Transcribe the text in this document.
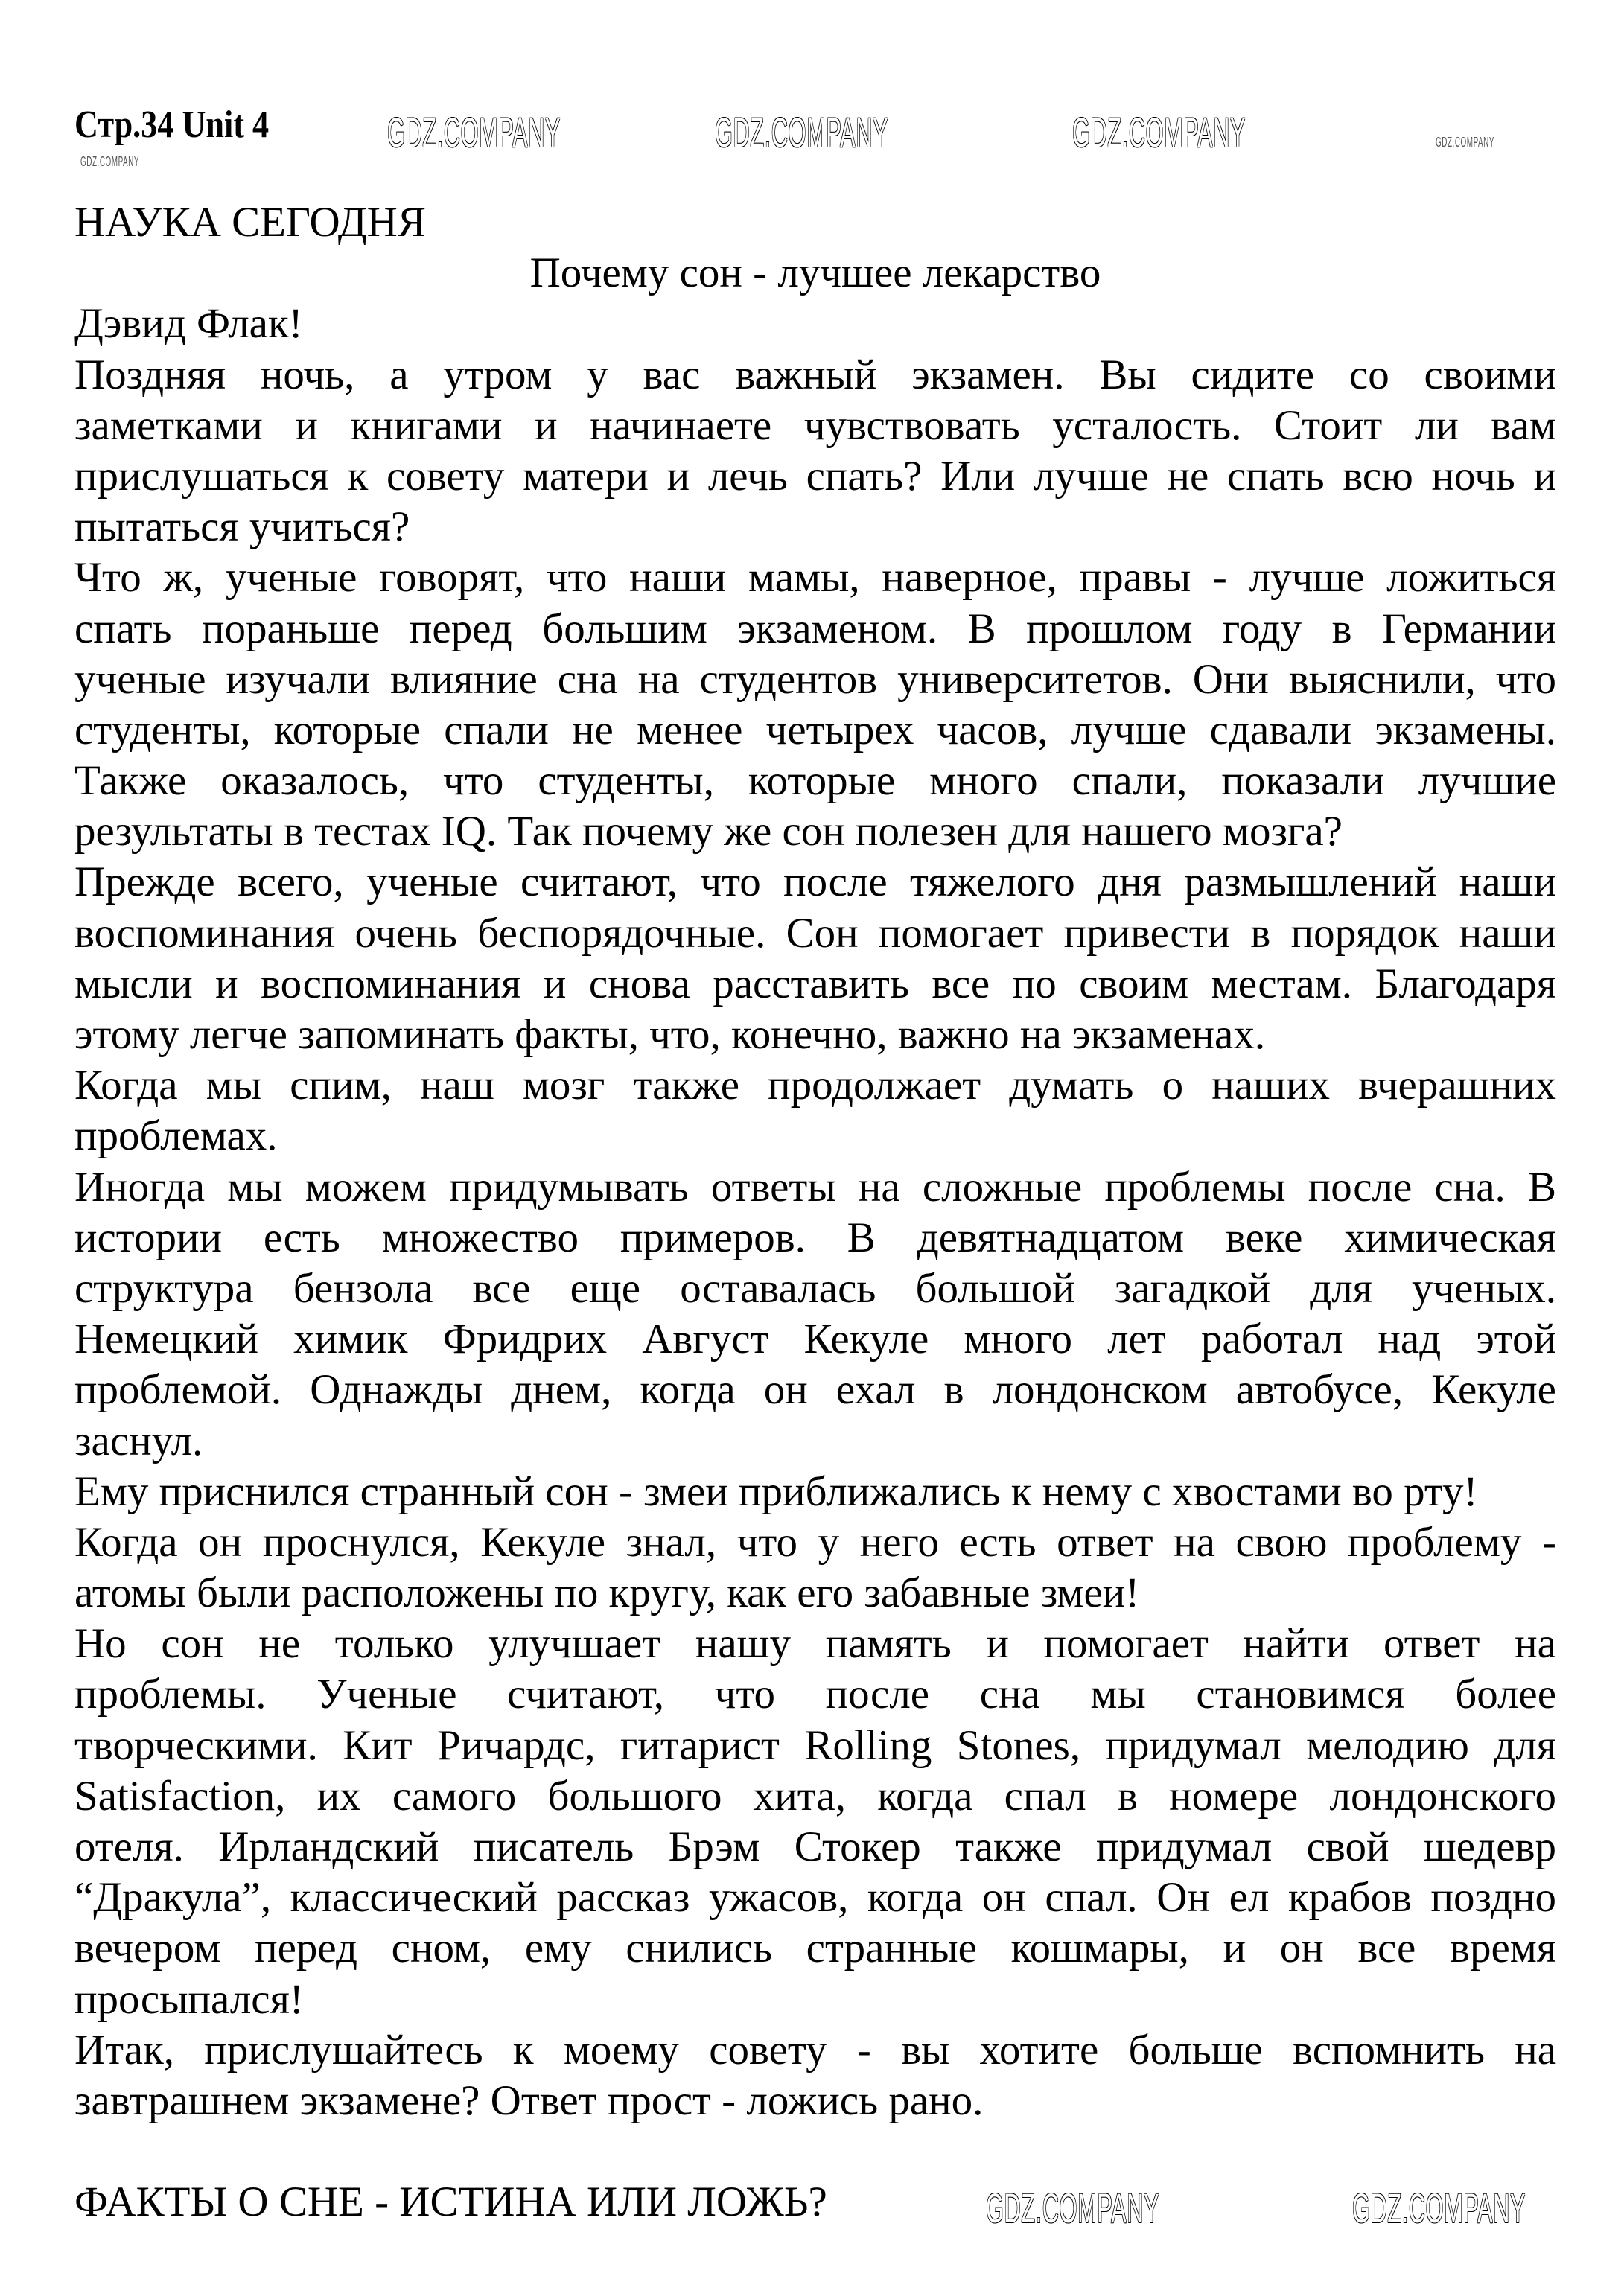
Стр.34 Unit 4
НАУКА СЕГОДНЯ
Почему сон - лучшее лекарство
Дэвид Флак!
Поздняя ночь, а утром у вас важный экзамен. Вы сидите со своими
заметками и книгами и начинаете чувствовать усталость. Стоит ли вам
прислушаться к совету матери и лечь спать? Или лучше не спать всю ночь и
пытаться учиться?
Что ж, ученые говорят, что наши мамы, наверное, правы - лучше ложиться
спать пораньше перед большим экзаменом. В прошлом году в Германии
ученые изучали влияние сна на студентов университетов. Они выяснили, что
студенты, которые спали не менее четырех часов, лучше сдавали экзамены.
Также оказалось, что студенты, которые много спали, показали лучшие
результаты в тестах IQ. Так почему же сон полезен для нашего мозга?
Прежде всего, ученые считают, что после тяжелого дня размышлений наши
воспоминания очень беспорядочные. Сон помогает привести в порядок наши
мысли и воспоминания и снова расставить все по своим местам. Благодаря
этому легче запоминать факты, что, конечно, важно на экзаменах.
Когда мы спим, наш мозг также продолжает думать о наших вчерашних
проблемах.
Иногда мы можем придумывать ответы на сложные проблемы после сна. В
истории есть множество примеров. В девятнадцатом веке химическая
структура бензола все еще оставалась большой загадкой для ученых.
Немецкий химик Фридрих Август Кекуле много лет работал над этой
проблемой. Однажды днем, когда он ехал в лондонском автобусе, Кекуле
заснул.
Ему приснился странный сон - змеи приближались к нему с хвостами во рту!
Когда он проснулся, Кекуле знал, что у него есть ответ на свою проблему -
атомы были расположены по кругу, как его забавные змеи!
Но сон не только улучшает нашу память и помогает найти ответ на
проблемы. Ученые считают, что после сна мы становимся более
творческими. Кит Ричардс, гитарист Rolling Stones, придумал мелодию для
Satisfaction, их самого большого хита, когда спал в номере лондонского
отеля. Ирландский писатель Брэм Стокер также придумал свой шедевр
“Дракула”, классический рассказ ужасов, когда он спал. Он ел крабов поздно
вечером перед сном, ему снились странные кошмары, и он все время
просыпался!
Итак, прислушайтесь к моему совету - вы хотите больше вспомнить на
завтрашнем экзамене? Ответ прост - ложись рано.
ФАКТЫ О СНЕ - ИСТИНА ИЛИ ЛОЖЬ?
GDZ.COMPANY
GDZ.COMPANY	GDZ.COMPANY	GDZ.COMPANY	GDZ.COMPANY
GDZ.COMPANY	GDZ.COMPANY
